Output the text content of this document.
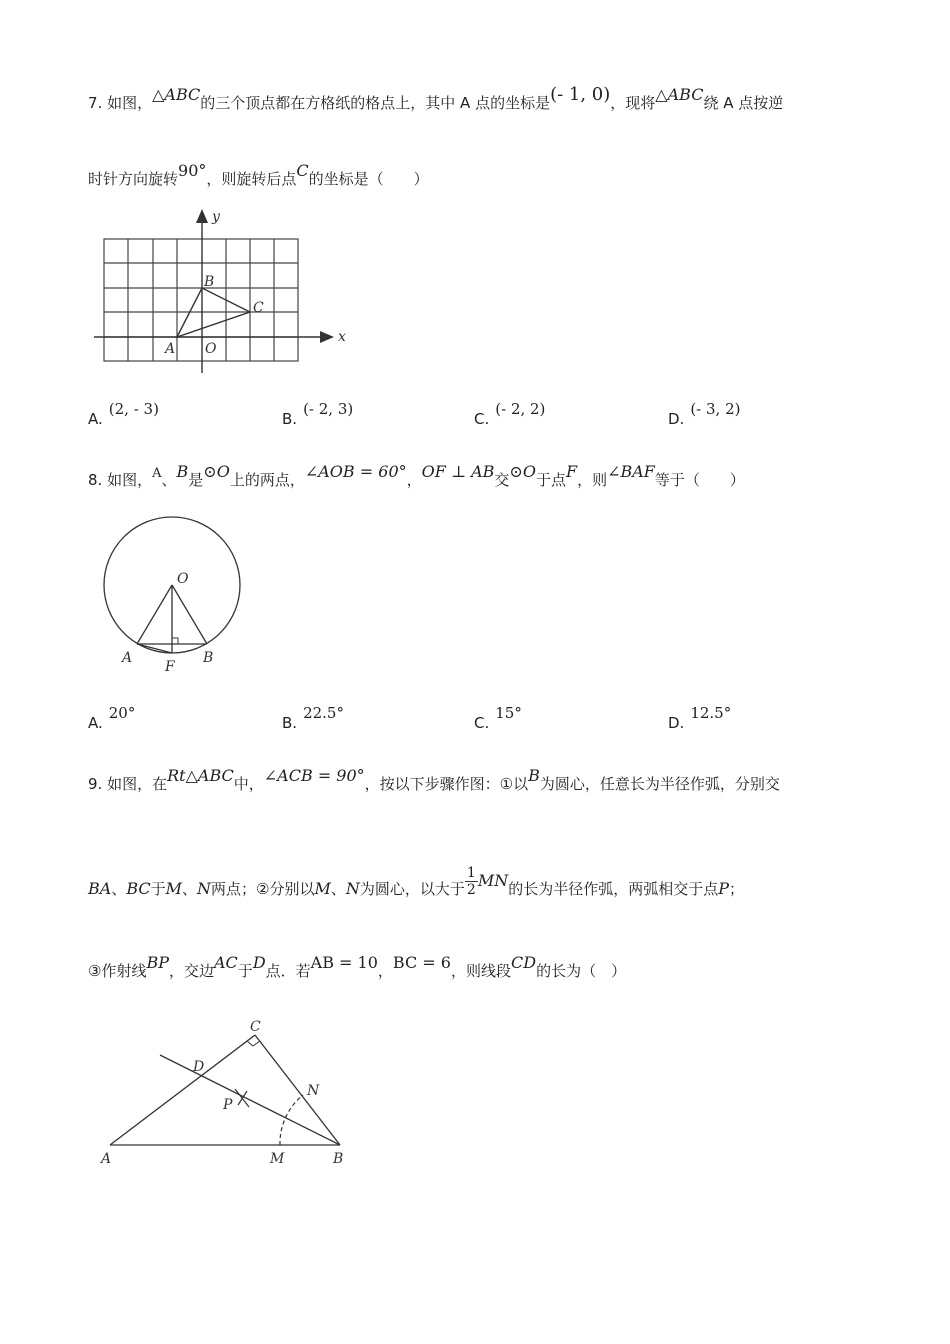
7. 如图，△ABC的三个顶点都在方格纸的格点上，其中 A 点的坐标是(- 1, 0)，现将△ABC绕 A 点按逆
时针方向旋转90°，则旋转后点C的坐标是（　　）
y
x
B
C
A O
A.(2, - 3)
B.(- 2, 3)
C.(- 2, 2)
D.(- 3, 2)
8. 如图，A、B是⊙O上的两点，∠AOB = 60°，OF ⊥ AB交⊙O于点F，则∠BAF等于（　　）
O
A	B
F
A.20°
B.22.5°
C.15°
D.12.5°
9. 如图，在Rt△ABC中，∠ACB = 90°，按以下步骤作图：①以B为圆心，任意长为半径作弧，分别交
BA、BC于M、N两点；②分别以M、N为圆心，以大于 $\frac{1}{2}$ MN的长为半径作弧，两弧相交于点P；
③作射线BP，交边AC于D点．若AB = 10，BC = 6，则线段CD的长为（　）
C
D
P
N
A	M	B
